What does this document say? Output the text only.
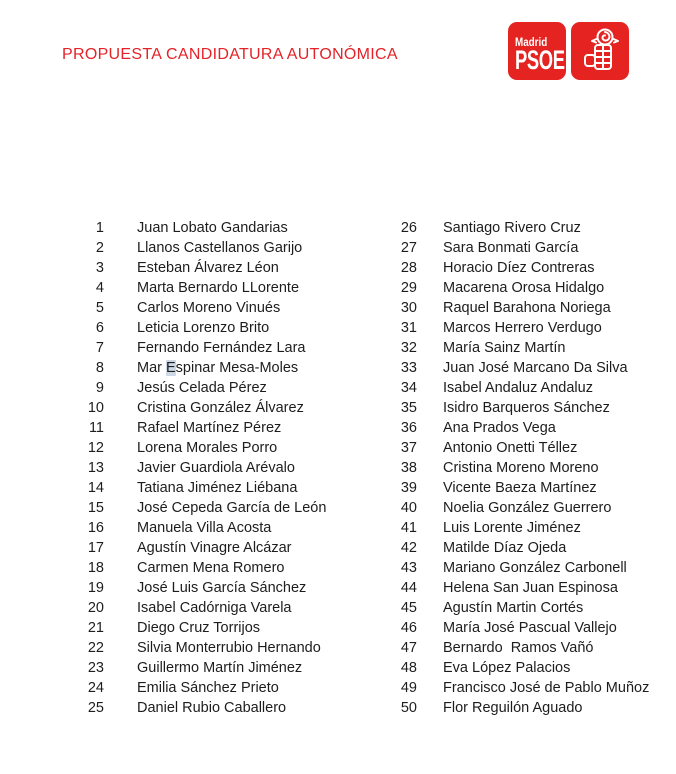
PROPUESTA CANDIDATURA AUTONÓMICA
Madrid
PSOE
1 Juan Lobato Gandarias
2 Llanos Castellanos Garijo
3 Esteban Álvarez Léon
4 Marta Bernardo LLorente
5 Carlos Moreno Vinués
6 Leticia Lorenzo Brito
7 Fernando Fernández Lara
8 Mar Espinar Mesa-Moles
9 Jesús Celada Pérez
10 Cristina González Álvarez
11 Rafael Martínez Pérez
12 Lorena Morales Porro
13 Javier Guardiola Arévalo
14 Tatiana Jiménez Liébana
15 José Cepeda García de León
16 Manuela Villa Acosta
17 Agustín Vinagre Alcázar
18 Carmen Mena Romero
19 José Luis García Sánchez
20 Isabel Cadórniga Varela
21 Diego Cruz Torrijos
22 Silvia Monterrubio Hernando
23 Guillermo Martín Jiménez
24 Emilia Sánchez Prieto
25 Daniel Rubio Caballero
26 Santiago Rivero Cruz
27 Sara Bonmati García
28 Horacio Díez Contreras
29 Macarena Orosa Hidalgo
30 Raquel Barahona Noriega
31 Marcos Herrero Verdugo
32 María Sainz Martín
33 Juan José Marcano Da Silva
34 Isabel Andaluz Andaluz
35 Isidro Barqueros Sánchez
36 Ana Prados Vega
37 Antonio Onetti Téllez
38 Cristina Moreno Moreno
39 Vicente Baeza Martínez
40 Noelia González Guerrero
41 Luis Lorente Jiménez
42 Matilde Díaz Ojeda
43 Mariano González Carbonell
44 Helena San Juan Espinosa
45 Agustín Martin Cortés
46 María José Pascual Vallejo
47 Bernardo  Ramos Vañó
48 Eva López Palacios
49 Francisco José de Pablo Muñoz
50 Flor Reguilón Aguado
